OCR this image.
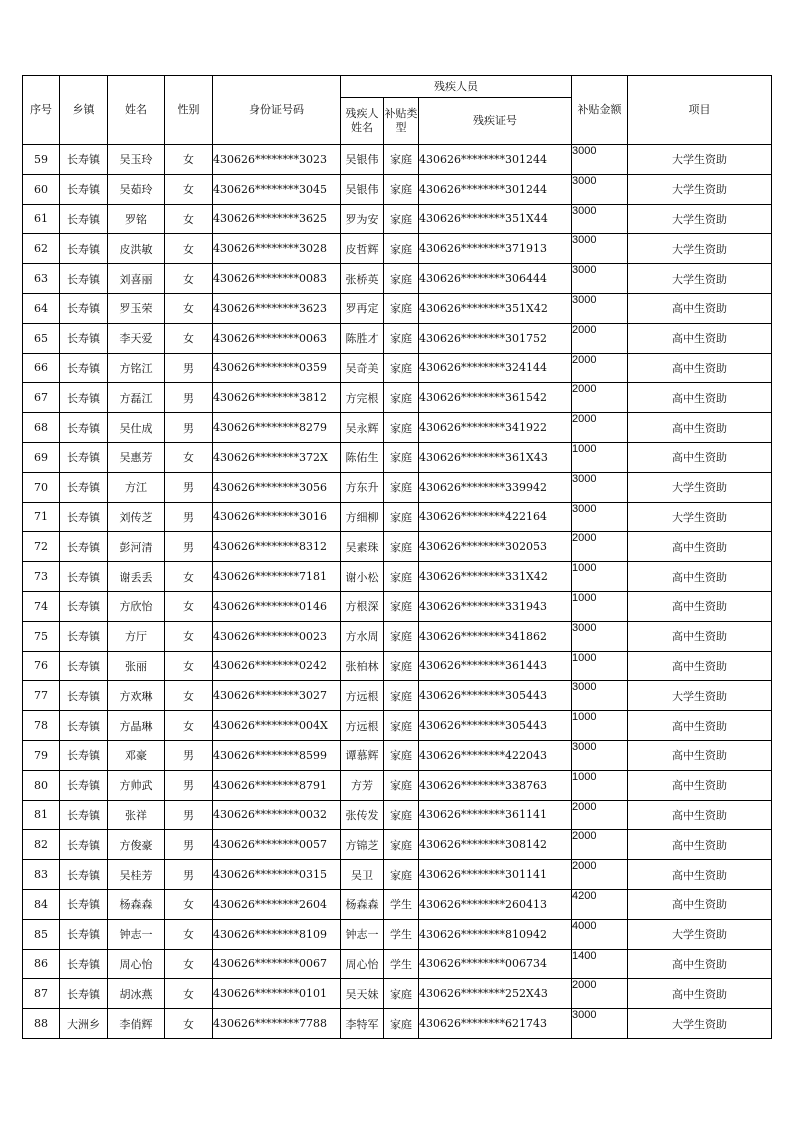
序号	乡镇	姓名	性别	身份证号码	残疾人员			补贴金额	项目
					残疾人姓名	补贴类型	残疾证号		
59	长寿镇	吴玉玲	女	430626********3023	吴银伟	家庭	430626********301244	3000	大学生资助
60	长寿镇	吴茹玲	女	430626********3045	吴银伟	家庭	430626********301244	3000	大学生资助
61	长寿镇	罗铭	女	430626********3625	罗为安	家庭	430626********351X44	3000	大学生资助
62	长寿镇	皮洪敏	女	430626********3028	皮哲辉	家庭	430626********371913	3000	大学生资助
63	长寿镇	刘喜丽	女	430626********0083	张桥英	家庭	430626********306444	3000	大学生资助
64	长寿镇	罗玉荣	女	430626********3623	罗再定	家庭	430626********351X42	3000	高中生资助
65	长寿镇	李天爱	女	430626********0063	陈胜才	家庭	430626********301752	2000	高中生资助
66	长寿镇	方铭江	男	430626********0359	吴奇美	家庭	430626********324144	2000	高中生资助
67	长寿镇	方磊江	男	430626********3812	方完根	家庭	430626********361542	2000	高中生资助
68	长寿镇	吴仕成	男	430626********8279	吴永辉	家庭	430626********341922	2000	高中生资助
69	长寿镇	吴惠芳	女	430626********372X	陈佑生	家庭	430626********361X43	1000	高中生资助
70	长寿镇	方江	男	430626********3056	方东升	家庭	430626********339942	3000	大学生资助
71	长寿镇	刘传芝	男	430626********3016	方细柳	家庭	430626********422164	3000	大学生资助
72	长寿镇	彭河清	男	430626********8312	吴素珠	家庭	430626********302053	2000	高中生资助
73	长寿镇	谢丢丢	女	430626********7181	谢小松	家庭	430626********331X42	1000	高中生资助
74	长寿镇	方欣怡	女	430626********0146	方根深	家庭	430626********331943	1000	高中生资助
75	长寿镇	方厅	女	430626********0023	方水周	家庭	430626********341862	3000	高中生资助
76	长寿镇	张丽	女	430626********0242	张柏林	家庭	430626********361443	1000	高中生资助
77	长寿镇	方欢琳	女	430626********3027	方远根	家庭	430626********305443	3000	大学生资助
78	长寿镇	方晶琳	女	430626********004X	方远根	家庭	430626********305443	1000	高中生资助
79	长寿镇	邓豪	男	430626********8599	谭慕辉	家庭	430626********422043	3000	高中生资助
80	长寿镇	方帅武	男	430626********8791	方芳	家庭	430626********338763	1000	高中生资助
81	长寿镇	张祥	男	430626********0032	张传发	家庭	430626********361141	2000	高中生资助
82	长寿镇	方俊豪	男	430626********0057	方锦芝	家庭	430626********308142	2000	高中生资助
83	长寿镇	吴桂芳	男	430626********0315	吴卫	家庭	430626********301141	2000	高中生资助
84	长寿镇	杨森森	女	430626********2604	杨森森	学生	430626********260413	4200	高中生资助
85	长寿镇	钟志一	女	430626********8109	钟志一	学生	430626********810942	4000	大学生资助
86	长寿镇	周心怡	女	430626********0067	周心怡	学生	430626********006734	1400	高中生资助
87	长寿镇	胡冰燕	女	430626********0101	吴天妹	家庭	430626********252X43	2000	高中生资助
88	大洲乡	李俏辉	女	430626********7788	李特军	家庭	430626********621743	3000	大学生资助
